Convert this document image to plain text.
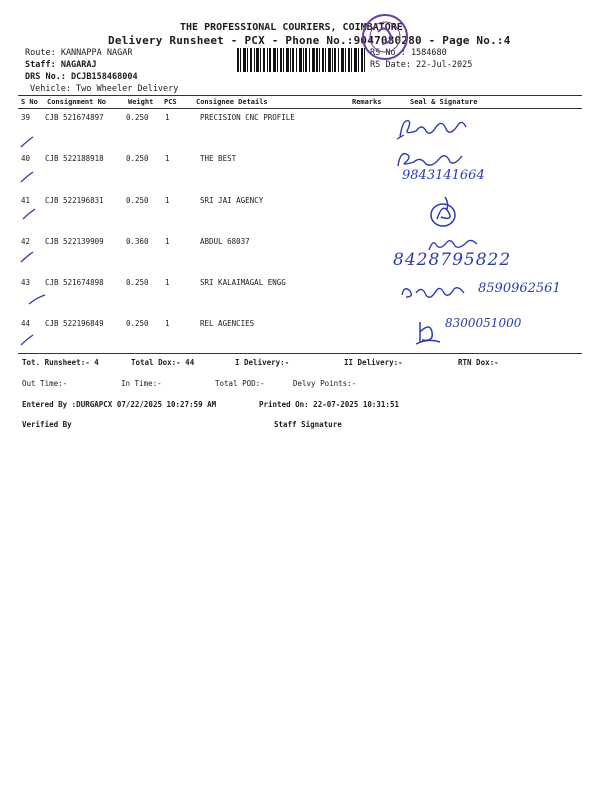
THE PROFESSIONAL COURIERS, COIMBATORE
Delivery Runsheet - PCX - Phone No.:9047080280 - Page No.:4
Route: KANNAPPA NAGAR
Staff: NAGARAJ
DRS No.: DCJB158468004
Vehicle: Two Wheeler Delivery
RS No.: 1584680
RS Date: 22-Jul-2025
S No Consignment No	Weight PCS	Consignee Details	Remarks	Seal & Signature
39 CJB 521674897	0.250 1	PRECISION CNC PROFILE
40 CJB 522188918	0.250 1	THE BEST
9843141664
41 CJB 522196831	0.250 1	SRI JAI AGENCY
42 CJB 522139909	0.360 1	ABDUL 68037
8428795822
43 CJB 521674898	0.250 1	SRI KALAIMAGAL ENGG	8590962561
44 CJB 522196849	0.250 1	REL AGENCIES	8300051000
Tot. Runsheet:- 4	Total Dox:- 44	I Delivery:-	II Delivery:-	RTN Dox:-
Out Time:-	In Time:-	Total POD:-	Delvy Points:-
Entered By :DURGAPCX 07/22/2025 10:27:59 AM	Printed On: 22-07-2025 10:31:51
Verified By	Staff Signature
